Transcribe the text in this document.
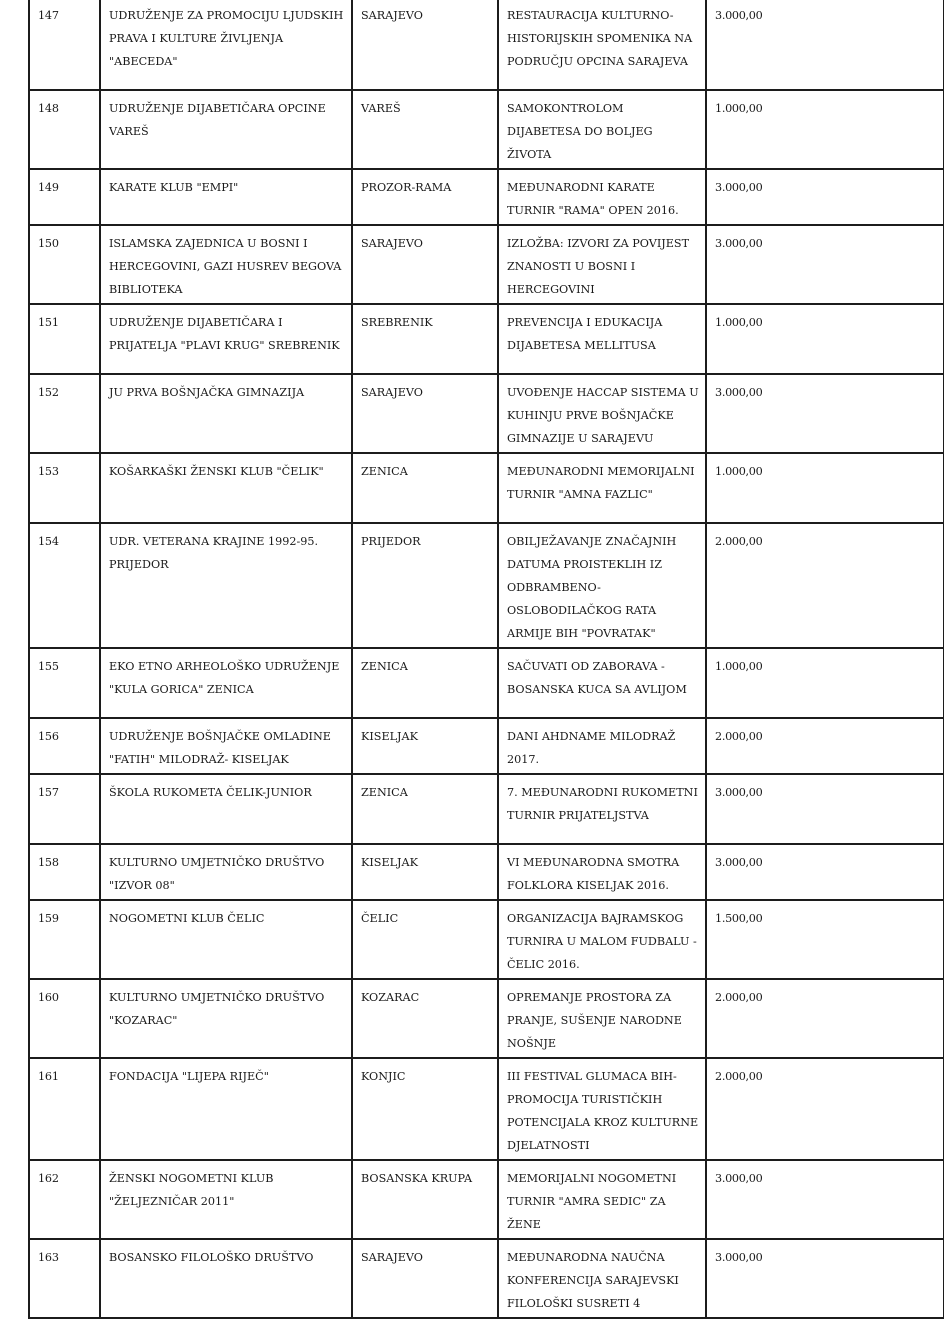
147	UDRUŽENJE ZA PROMOCIJU LJUDSKIH PRAVA I KULTURE ŽIVLJENJA "ABECEDA"	SARAJEVO	RESTAURACIJA KULTURNO-HISTORIJSKIH SPOMENIKA NA PODRUČJU OPCINA SARAJEVA	3.000,00
148	UDRUŽENJE DIJABETIČARA OPCINE VAREŠ	VAREŠ	SAMOKONTROLOM DIJABETESA DO BOLJEG ŽIVOTA	1.000,00
149	KARATE KLUB "EMPI"	PROZOR-RAMA	MEĐUNARODNI KARATE TURNIR "RAMA" OPEN 2016.	3.000,00
150	ISLAMSKA ZAJEDNICA U BOSNI I HERCEGOVINI, GAZI HUSREV BEGOVA BIBLIOTEKA	SARAJEVO	IZLOŽBA: IZVORI ZA POVIJEST ZNANOSTI U BOSNI I HERCEGOVINI	3.000,00
151	UDRUŽENJE DIJABETIČARA I PRIJATELJA "PLAVI KRUG" SREBRENIK	SREBRENIK	PREVENCIJA I EDUKACIJA DIJABETESA MELLITUSA	1.000,00
152	JU PRVA BOŠNJAČKA GIMNAZIJA	SARAJEVO	UVOĐENJE HACCAP SISTEMA U KUHINJU PRVE BOŠNJAČKE GIMNAZIJE U SARAJEVU	3.000,00
153	KOŠARKAŠKI ŽENSKI KLUB "ČELIK"	ZENICA	MEĐUNARODNI MEMORIJALNI TURNIR "AMNA FAZLIC"	1.000,00
154	UDR. VETERANA KRAJINE 1992-95. PRIJEDOR	PRIJEDOR	OBILJEŽAVANJE ZNAČAJNIH DATUMA PROISTEKLIH IZ ODBRAMBENO-OSLOBODILAČKOG RATA ARMIJE BIH "POVRATAK"	2.000,00
155	EKO ETNO ARHEOLOŠKO UDRUŽENJE "KULA GORICA" ZENICA	ZENICA	SAČUVATI OD ZABORAVA - BOSANSKA KUCA SA AVLIJOM	1.000,00
156	UDRUŽENJE BOŠNJAČKE OMLADINE "FATIH" MILODRAŽ- KISELJAK	KISELJAK	DANI AHDNAME MILODRAŽ 2017.	2.000,00
157	ŠKOLA RUKOMETA ČELIK-JUNIOR	ZENICA	7. MEĐUNARODNI RUKOMETNI TURNIR PRIJATELJSTVA	3.000,00
158	KULTURNO UMJETNIČKO DRUŠTVO "IZVOR 08"	KISELJAK	VI MEĐUNARODNA SMOTRA FOLKLORA KISELJAK 2016.	3.000,00
159	NOGOMETNI KLUB ČELIC	ČELIC	ORGANIZACIJA BAJRAMSKOG TURNIRA U MALOM FUDBALU - ČELIC 2016.	1.500,00
160	KULTURNO UMJETNIČKO DRUŠTVO "KOZARAC"	KOZARAC	OPREMANJE PROSTORA ZA PRANJE, SUŠENJE NARODNE NOŠNJE	2.000,00
161	FONDACIJA "LIJEPA RIJEČ"	KONJIC	III FESTIVAL GLUMACA BIH-PROMOCIJA TURISTIČKIH POTENCIJALA KROZ KULTURNE DJELATNOSTI	2.000,00
162	ŽENSKI NOGOMETNI KLUB "ŽELJEZNIČAR 2011"	BOSANSKA KRUPA	MEMORIJALNI NOGOMETNI TURNIR "AMRA SEDIC" ZA ŽENE	3.000,00
163	BOSANSKO FILOLOŠKO DRUŠTVO	SARAJEVO	MEĐUNARODNA NAUČNA KONFERENCIJA SARAJEVSKI FILOLOŠKI SUSRETI 4	3.000,00
